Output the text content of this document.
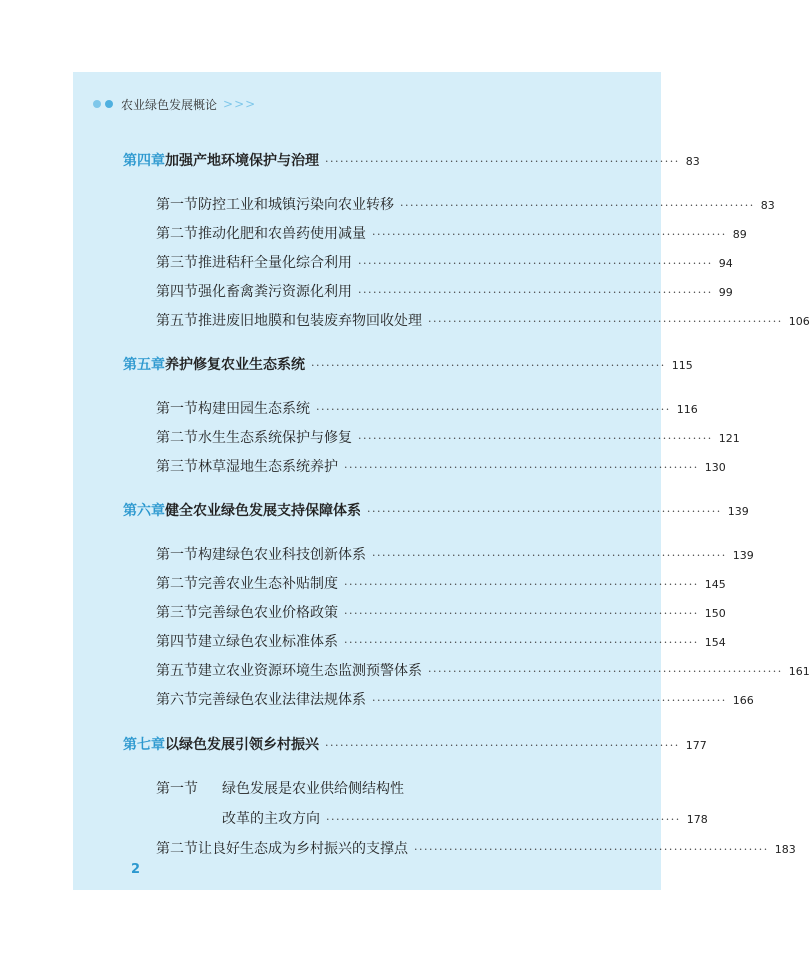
农业绿色发展概论 >>>
第四章 加强产地环境保护与治理 ······································································· 83
第一节 防控工业和城镇污染向农业转移 ······································································· 83
第二节 推动化肥和农兽药使用减量 ······································································· 89
第三节 推进秸秆全量化综合利用 ······································································· 94
第四节 强化畜禽粪污资源化利用 ······································································· 99
第五节 推进废旧地膜和包装废弃物回收处理 ······································································· 106
第五章 养护修复农业生态系统 ······································································· 115
第一节 构建田园生态系统 ······································································· 116
第二节 水生生态系统保护与修复 ······································································· 121
第三节 林草湿地生态系统养护 ······································································· 130
第六章 健全农业绿色发展支持保障体系 ······································································· 139
第一节 构建绿色农业科技创新体系 ······································································· 139
第二节 完善农业生态补贴制度 ······································································· 145
第三节 完善绿色农业价格政策 ······································································· 150
第四节 建立绿色农业标准体系 ······································································· 154
第五节 建立农业资源环境生态监测预警体系 ······································································· 161
第六节 完善绿色农业法律法规体系 ······································································· 166
第七章 以绿色发展引领乡村振兴 ······································································· 177
第一节	绿色发展是农业供给侧结构性
改革的主攻方向 ······································································· 178
第二节 让良好生态成为乡村振兴的支撑点 ······································································· 183
2
